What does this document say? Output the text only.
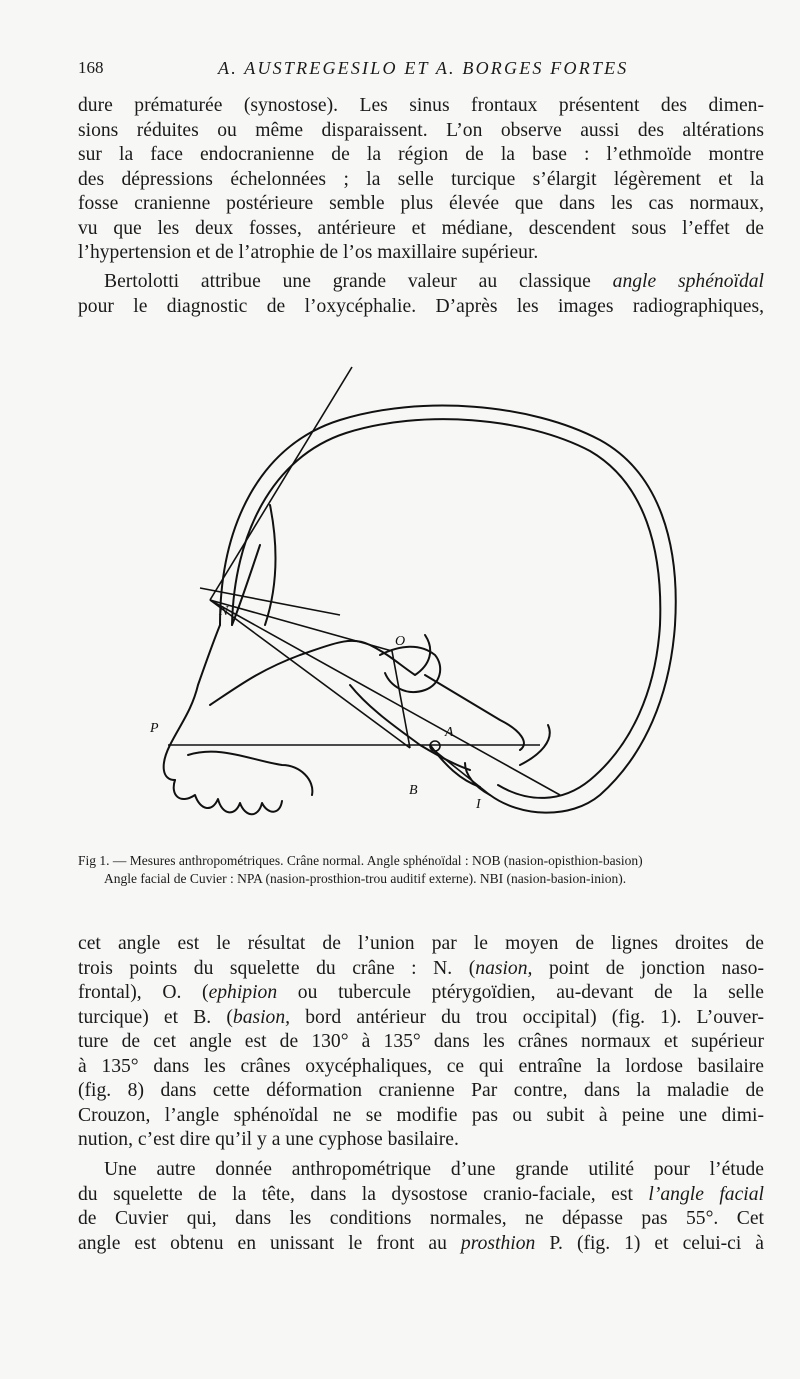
168	A. AUSTREGESILO ET A. BORGES FORTES
dure prématurée (synostose). Les sinus frontaux présentent des dimen-
sions réduites ou même disparaissent. L’on observe aussi des altérations
sur la face endocranienne de la région de la base : l’ethmoïde montre
des dépressions échelonnées ; la selle turcique s’élargit légèrement et la
fosse cranienne postérieure semble plus élevée que dans les cas normaux,
vu que les deux fosses, antérieure et médiane, descendent sous l’effet de
l’hypertension et de l’atrophie de l’os maxillaire supérieur.
Bertolotti attribue une grande valeur au classique angle sphénoïdal
pour le diagnostic de l’oxycéphalie. D’après les images radiographiques,
N
O
P	A
B
I
Fig 1. — Mesures anthropométriques. Crâne normal. Angle sphénoïdal : NOB (nasion-opisthion-basion)
Angle facial de Cuvier : NPA (nasion-prosthion-trou auditif externe). NBI (nasion-basion-inion).
cet angle est le résultat de l’union par le moyen de lignes droites de
trois points du squelette du crâne : N. (nasion, point de jonction naso-
frontal), O. (ephipion ou tubercule ptérygoïdien, au-devant de la selle
turcique) et B. (basion, bord antérieur du trou occipital) (fig. 1). L’ouver-
ture de cet angle est de 130° à 135° dans les crânes normaux et supérieur
à 135° dans les crânes oxycéphaliques, ce qui entraîne la lordose basilaire
(fig. 8) dans cette déformation cranienne Par contre, dans la maladie de
Crouzon, l’angle sphénoïdal ne se modifie pas ou subit à peine une dimi-
nution, c’est dire qu’il y a une cyphose basilaire.
Une autre donnée anthropométrique d’une grande utilité pour l’étude
du squelette de la tête, dans la dysostose cranio-faciale, est l’angle facial
de Cuvier qui, dans les conditions normales, ne dépasse pas 55°. Cet
angle est obtenu en unissant le front au prosthion P. (fig. 1) et celui-ci à
